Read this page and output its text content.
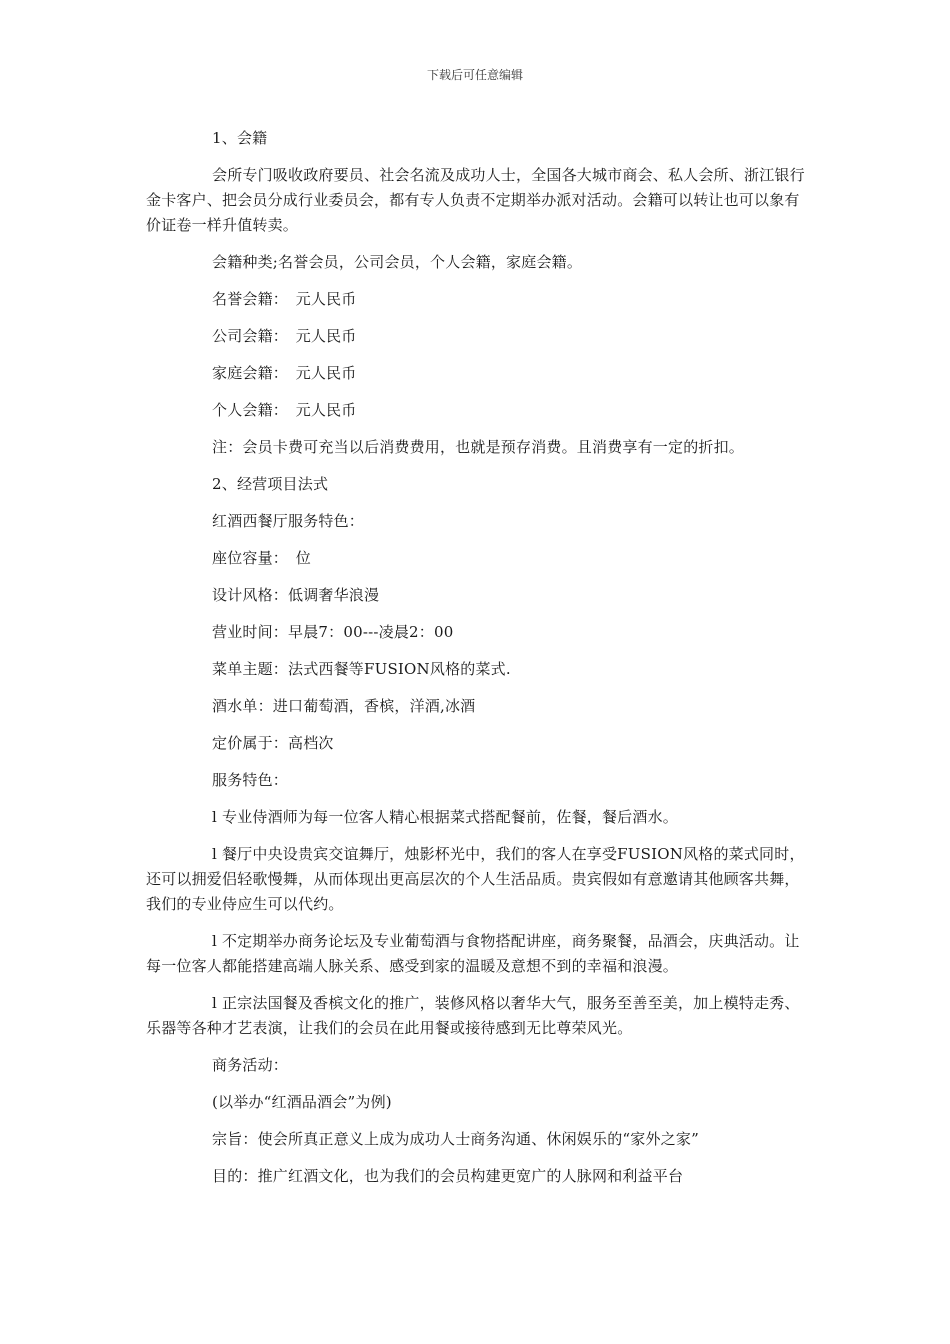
下载后可任意编辑

1、会籍

会所专门吸收政府要员、社会名流及成功人士，全国各大城市商会、私人会所、浙江银行金卡客户、把会员分成行业委员会，都有专人负责不定期举办派对活动。会籍可以转让也可以象有价证卷一样升值转卖。

会籍种类;名誉会员，公司会员，个人会籍，家庭会籍。

名誉会籍：　元人民币

公司会籍：　元人民币

家庭会籍：　元人民币

个人会籍：　元人民币

注：会员卡费可充当以后消费费用，也就是预存消费。且消费享有一定的折扣。

2、经营项目法式

红酒西餐厅服务特色：

座位容量：　位

设计风格：低调奢华浪漫

营业时间：早晨7：00---凌晨2：00

菜单主题：法式西餐等FUSION风格的菜式.

酒水单：进口葡萄酒，香槟，洋酒,冰酒

定价属于：高档次

服务特色：

l 专业侍酒师为每一位客人精心根据菜式搭配餐前，佐餐，餐后酒水。

l 餐厅中央设贵宾交谊舞厅，烛影杯光中，我们的客人在享受FUSION风格的菜式同时，还可以拥爱侣轻歌慢舞，从而体现出更高层次的个人生活品质。贵宾假如有意邀请其他顾客共舞，我们的专业侍应生可以代约。

l 不定期举办商务论坛及专业葡萄酒与食物搭配讲座，商务聚餐，品酒会，庆典活动。让每一位客人都能搭建高端人脉关系、感受到家的温暖及意想不到的幸福和浪漫。

l 正宗法国餐及香槟文化的推广，装修风格以奢华大气，服务至善至美，加上模特走秀、乐器等各种才艺表演，让我们的会员在此用餐或接待感到无比尊荣风光。

商务活动：

(以举办“红酒品酒会”为例)

宗旨：使会所真正意义上成为成功人士商务沟通、休闲娱乐的“家外之家”

目的：推广红酒文化，也为我们的会员构建更宽广的人脉网和利益平台
